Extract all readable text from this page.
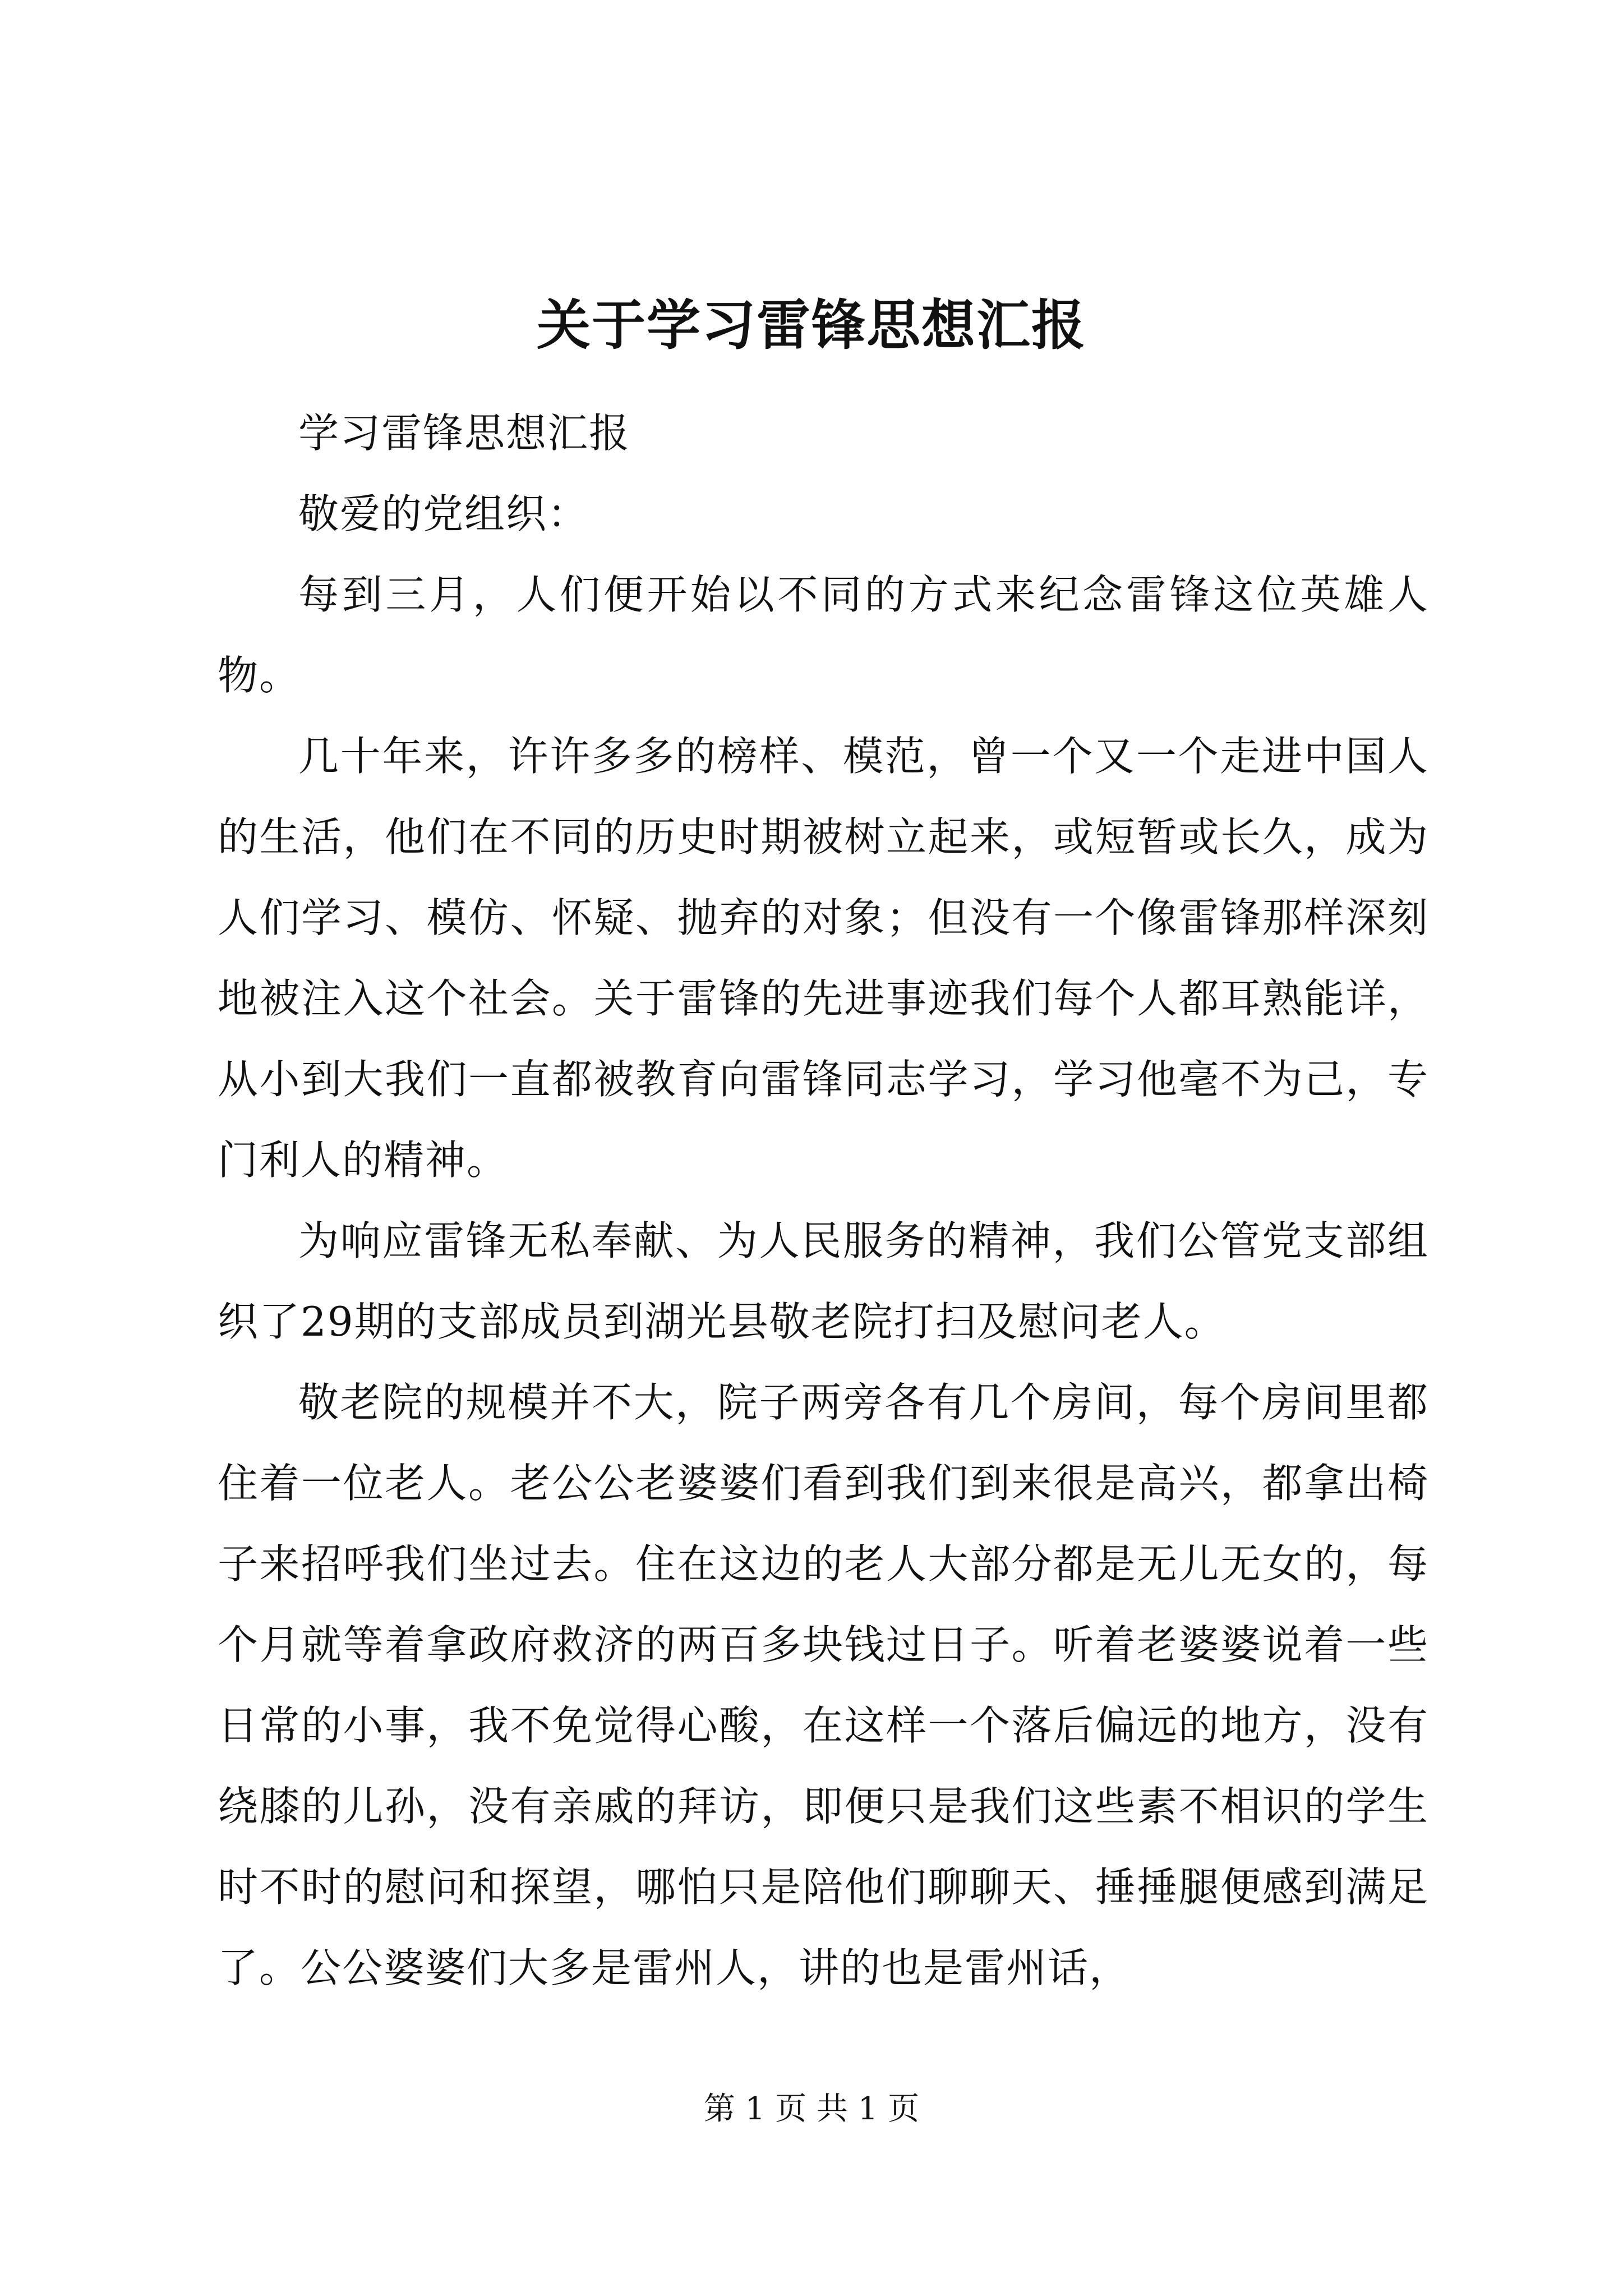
关于学习雷锋思想汇报

学习雷锋思想汇报

敬爱的党组织：

每到三月，人们便开始以不同的方式来纪念雷锋这位英雄人物。

几十年来，许许多多的榜样、模范，曾一个又一个走进中国人的生活，他们在不同的历史时期被树立起来，或短暂或长久，成为人们学习、模仿、怀疑、抛弃的对象；但没有一个像雷锋那样深刻地被注入这个社会。关于雷锋的先进事迹我们每个人都耳熟能详，从小到大我们一直都被教育向雷锋同志学习，学习他毫不为己，专门利人的精神。

为响应雷锋无私奉献、为人民服务的精神，我们公管党支部组织了29期的支部成员到湖光县敬老院打扫及慰问老人。

敬老院的规模并不大，院子两旁各有几个房间，每个房间里都住着一位老人。老公公老婆婆们看到我们到来很是高兴，都拿出椅子来招呼我们坐过去。住在这边的老人大部分都是无儿无女的，每个月就等着拿政府救济的两百多块钱过日子。听着老婆婆说着一些日常的小事，我不免觉得心酸，在这样一个落后偏远的地方，没有绕膝的儿孙，没有亲戚的拜访，即便只是我们这些素不相识的学生时不时的慰问和探望，哪怕只是陪他们聊聊天、捶捶腿便感到满足了。公公婆婆们大多是雷州人，讲的也是雷州话，

第 1 页 共 1 页
